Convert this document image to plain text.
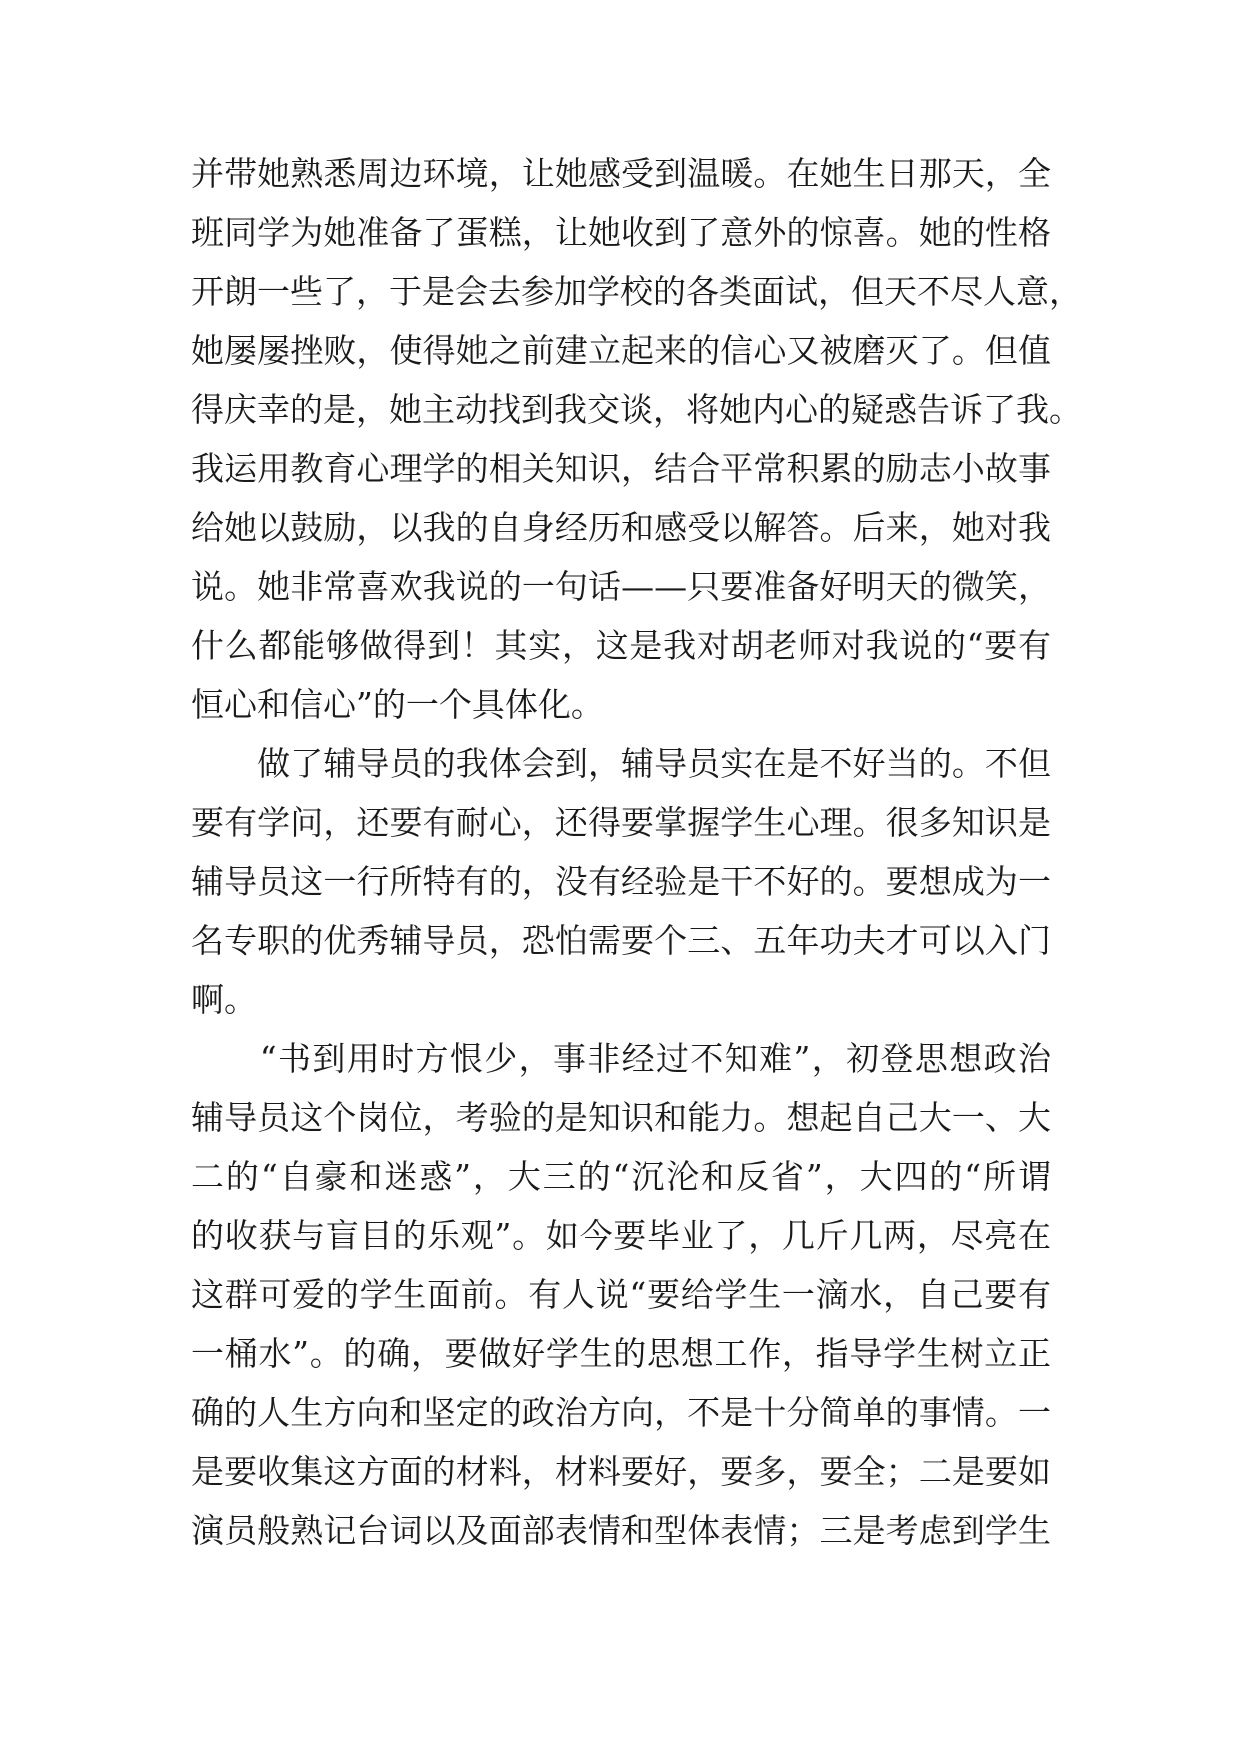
并带她熟悉周边环境，让她感受到温暖。在她生日那天，全
班同学为她准备了蛋糕，让她收到了意外的惊喜。她的性格
开朗一些了，于是会去参加学校的各类面试，但天不尽人意，
她屡屡挫败，使得她之前建立起来的信心又被磨灭了。但值
得庆幸的是，她主动找到我交谈，将她内心的疑惑告诉了我。
我运用教育心理学的相关知识，结合平常积累的励志小故事
给她以鼓励，以我的自身经历和感受以解答。后来，她对我
说。她非常喜欢我说的一句话——只要准备好明天的微笑，
什么都能够做得到！其实，这是我对胡老师对我说的“要有
恒心和信心”的一个具体化。
　　做了辅导员的我体会到，辅导员实在是不好当的。不但
要有学问，还要有耐心，还得要掌握学生心理。很多知识是
辅导员这一行所特有的，没有经验是干不好的。要想成为一
名专职的优秀辅导员，恐怕需要个三、五年功夫才可以入门
啊。
　　“书到用时方恨少，事非经过不知难”，初登思想政治
辅导员这个岗位，考验的是知识和能力。想起自己大一、大
二的“自豪和迷惑”，大三的“沉沦和反省”，大四的“所谓
的收获与盲目的乐观”。如今要毕业了，几斤几两，尽亮在
这群可爱的学生面前。有人说“要给学生一滴水，自己要有
一桶水”。的确，要做好学生的思想工作，指导学生树立正
确的人生方向和坚定的政治方向，不是十分简单的事情。一
是要收集这方面的材料，材料要好，要多，要全；二是要如
演员般熟记台词以及面部表情和型体表情；三是考虑到学生
